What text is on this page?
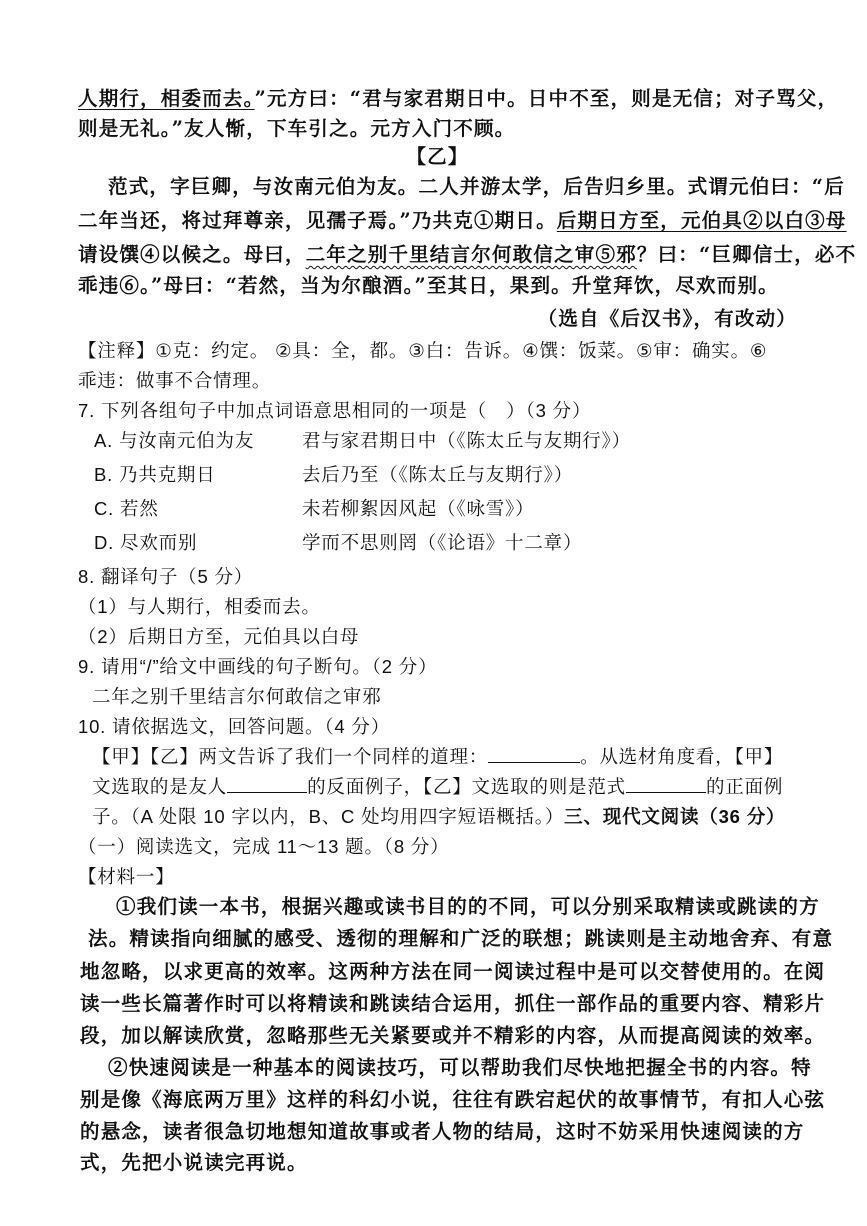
人期行，相委而去。”元方曰：“君与家君期日中。日中不至，则是无信；对子骂父，
则是无礼。”友人惭，下车引之。元方入门不顾。
【乙】
范式，字巨卿，与汝南元伯为友。二人并游太学，后告归乡里。式谓元伯曰：“后
二年当还，将过拜尊亲，见孺子焉。”乃共克①期日。后期日方至，元伯具②以白③母
请设馔④以候之。母曰，二年之别千里结言尔何敢信之审⑤邪？曰：“巨卿信士，必不
乖违⑥。”母曰：“若然，当为尔酿酒。”至其日，果到。升堂拜饮，尽欢而别。
（选自《后汉书》，有改动）
【注释】①克：约定。 ②具：全，都。③白：告诉。④馔：饭菜。⑤审：确实。⑥
乖违：做事不合情理。
7. 下列各组句子中加点词语意思相同的一项是（　）（3 分）
A. 与汝南元伯为友	君与家君期日中（《陈太丘与友期行》）
B. 乃共克期日	去后乃至（《陈太丘与友期行》）
C. 若然	未若柳絮因风起（《咏雪》）
D. 尽欢而别	学而不思则罔（《论语》十二章）
8. 翻译句子（5 分）
（1）与人期行，相委而去。
（2）后期日方至，元伯具以白母
9. 请用“/”给文中画线的句子断句。（2 分）
二年之别千里结言尔何敢信之审邪
10. 请依据选文，回答问题。（4 分）
【甲】【乙】两文告诉了我们一个同样的道理：	。从选材角度看，【甲】
文选取的是友人	的反面例子，【乙】文选取的则是范式	的正面例
子。（A 处限 10 字以内，B、C 处均用四字短语概括。）三、现代文阅读（36 分）
（一）阅读选文，完成 11～13 题。（8 分）
【材料一】
①我们读一本书，根据兴趣或读书目的的不同，可以分别采取精读或跳读的方
法。精读指向细腻的感受、透彻的理解和广泛的联想；跳读则是主动地舍弃、有意
地忽略，以求更高的效率。这两种方法在同一阅读过程中是可以交替使用的。在阅
读一些长篇著作时可以将精读和跳读结合运用，抓住一部作品的重要内容、精彩片
段，加以解读欣赏，忽略那些无关紧要或并不精彩的内容，从而提高阅读的效率。
②快速阅读是一种基本的阅读技巧，可以帮助我们尽快地把握全书的内容。特
别是像《海底两万里》这样的科幻小说，往往有跌宕起伏的故事情节，有扣人心弦
的悬念，读者很急切地想知道故事或者人物的结局，这时不妨采用快速阅读的方
式，先把小说读完再说。
